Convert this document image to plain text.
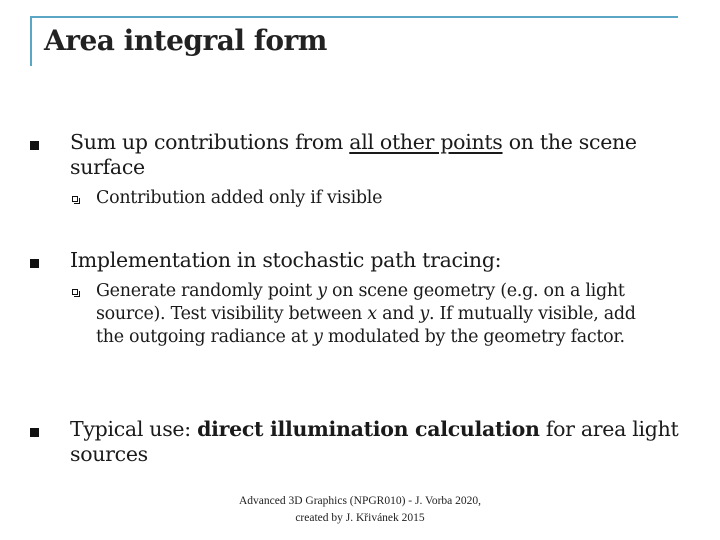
Area integral form
Sum up contributions from all other points on the scene surface
Contribution added only if visible
Implementation in stochastic path tracing:
Generate randomly point y on scene geometry (e.g. on a light source). Test visibility between x and y. If mutually visible, add the outgoing radiance at y modulated by the geometry factor.
Typical use: direct illumination calculation for area light sources
Advanced 3D Graphics (NPGR010) - J. Vorba 2020,
created by J. Křivánek 2015
